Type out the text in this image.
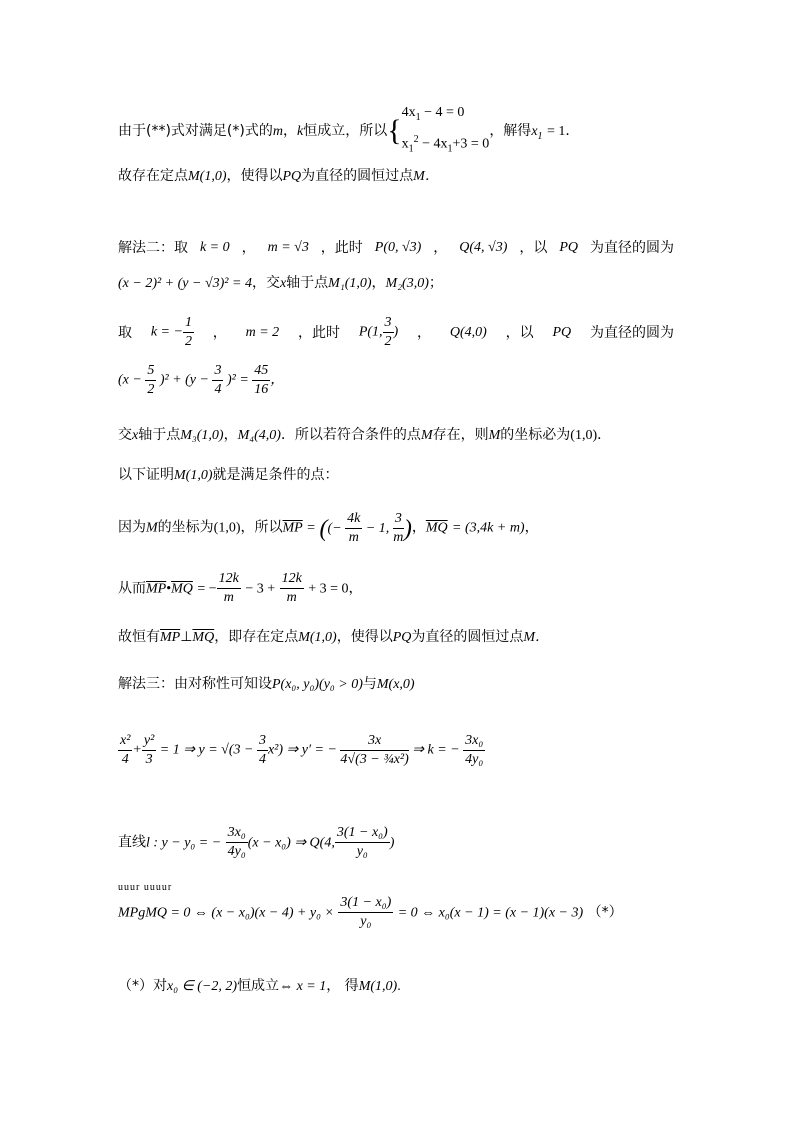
由于(**)式对满足(*)式的m，k恒成立，所以{
$4x_1 - 4 = 0$
$x_1^2 - 4x_1+3 = 0$
，解得$x_1 = 1$．
故存在定点M(1,0)，使得以PQ为直径的圆恒过点M．
解法二：取 k = 0 ， m = √3 ，此时 P(0, √3) ， Q(4, √3) ，以 PQ 为直径的圆为
(x − 2)² + (y − √3)² = 4，交x轴于点M₁(1,0)，M₂(3,0)；
取 k = − $\frac{1}{2}$ ， m = 2 ，此时 P(1, $\frac{3}{2}$ ) ， Q(4,0) ，以 PQ 为直径的圆为
$(x - \frac{5}{2} )^2 + (y - \frac{3}{4} )^2 = \frac{45}{16}$ ，
交x轴于点M₃(1,0)，M₄(4,0)．所以若符合条件的点M存在，则M的坐标必为(1,0)．
以下证明M(1,0)就是满足条件的点：
因为M的坐标为(1,0)，所以$\overline{MP}$ = ((− $\frac{4k}{m} - 1$, $\frac{3}{m}$ )，$\overline{MQ} = (3,4k + m)$，
从而$\overline{MP}•\overline{MQ}$ = − $\frac{12k}{m} - 3 + \frac{12k}{m} + 3 = 0$，
故恒有$\overline{MP}\perp\overline{MQ}$，即存在定点M(1,0)，使得以PQ为直径的圆恒过点M．
解法三：由对称性可知设P(x₀, y₀)(y₀ > 0)与M(x,0)
$\frac{\text{x²}}{4} + \frac{\text{y²}}{3} = 1$ ⇒ $y = √(3 - \frac{3}{4} x^2)$ ⇒ y′ = − $\frac{3x}{\text{4√(3 − ¾x²)}}$ ⇒ k = − $\frac{\text{3x₀}}{\text{4y₀}}$
直线l : y − y₀ = − $\frac{\text{3x₀}}{\text{4y₀}} (x - x_0)$ ⇒ Q(4, $\frac{\text{3(1 − x₀)}}{\text{y₀}}$ )
uuur uuuur
MPgMQ = 0 ⇔ $(x - x_0)(x - 4) + y_0 \times \frac{\text{3(1 − x₀)}}{\text{y₀}} = 0$ ⇔ x₀(x − 1) = (x − 1)(x − 3) （*）
（*）对x₀ ∈ (−2, 2)恒成立⇔ x = 1， 得M(1,0).
